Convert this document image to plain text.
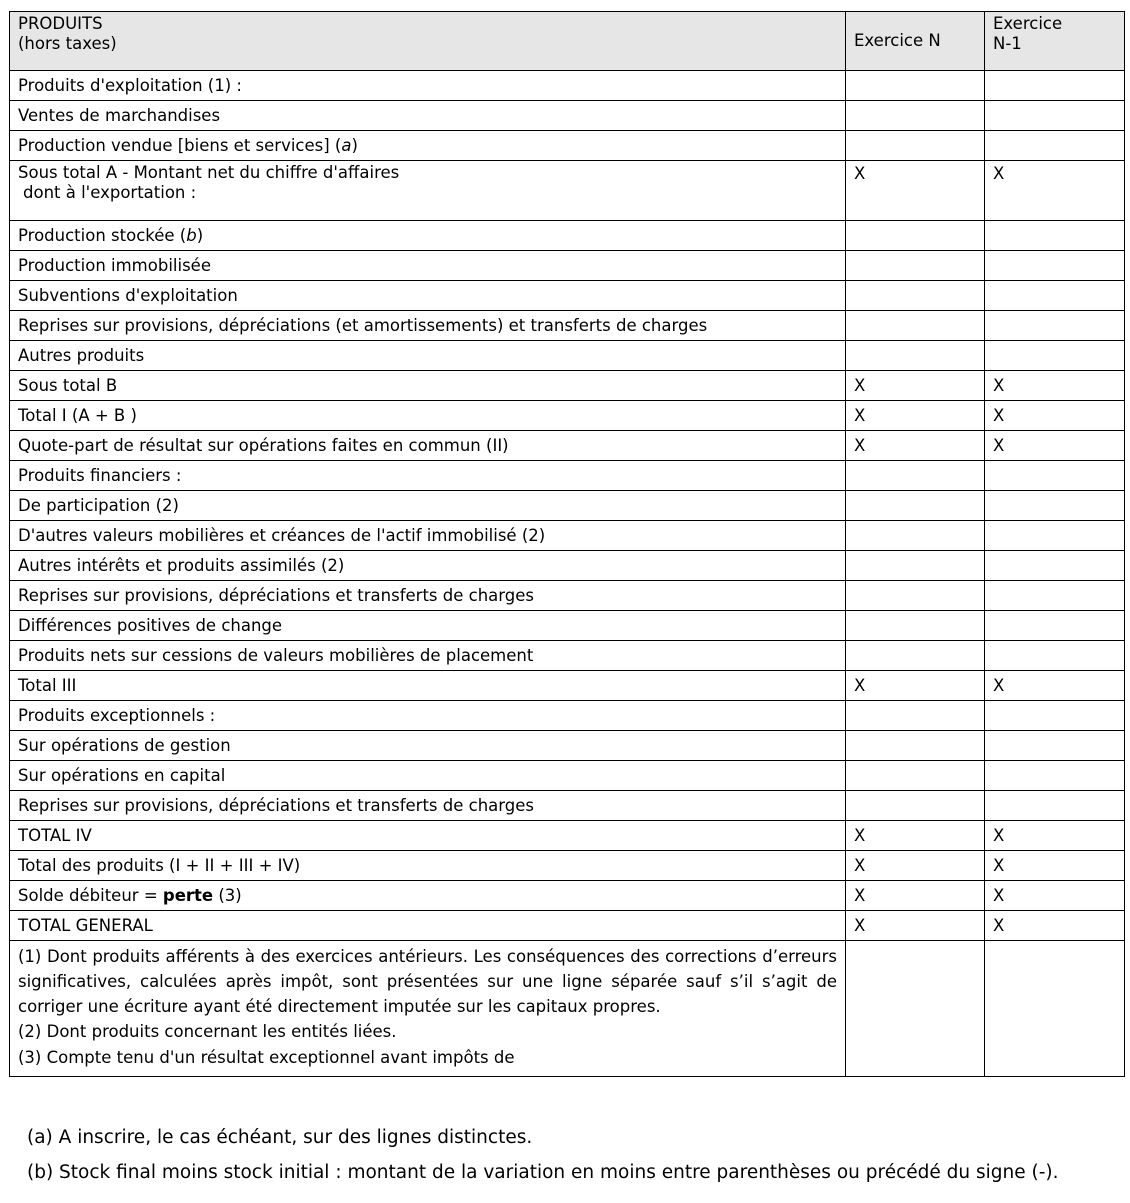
PRODUITS
(hors taxes)	Exercice N	Exercice
N-1

Produits d'exploitation (1) :		
Ventes de marchandises		
Production vendue [biens et services] (a)		

Sous total A - Montant net du chiffre d'affaires
dont à l'exportation :	X	X
Production stockée (b)		
Production immobilisée		
Subventions d'exploitation		
Reprises sur provisions, dépréciations (et amortissements) et transferts de charges		
Autres produits		
Sous total B	X	X
Total I (A + B )	X	X
Quote-part de résultat sur opérations faites en commun (II)	X	X
Produits financiers :		
De participation (2)		
D'autres valeurs mobilières et créances de l'actif immobilisé (2)		
Autres intérêts et produits assimilés (2)		
Reprises sur provisions, dépréciations et transferts de charges		
Différences positives de change		
Produits nets sur cessions de valeurs mobilières de placement		
Total III	X	X
Produits exceptionnels :		
Sur opérations de gestion		
Sur opérations en capital		
Reprises sur provisions, dépréciations et transferts de charges		
TOTAL IV	X	X
Total des produits (I + II + III + IV)	X	X
Solde débiteur = perte (3)	X	X
TOTAL GENERAL	X	X

(1) Dont produits afférents à des exercices antérieurs. Les conséquences des corrections d’erreurs significatives, calculées après impôt, sont présentées sur une ligne séparée sauf s’il s’agit de corriger une écriture ayant été directement imputée sur les capitaux propres.
(2) Dont produits concernant les entités liées.
(3) Compte tenu d'un résultat exceptionnel avant impôts de		

(a) A inscrire, le cas échéant, sur des lignes distinctes.
(b) Stock final moins stock initial : montant de la variation en moins entre parenthèses ou précédé du signe (-).
